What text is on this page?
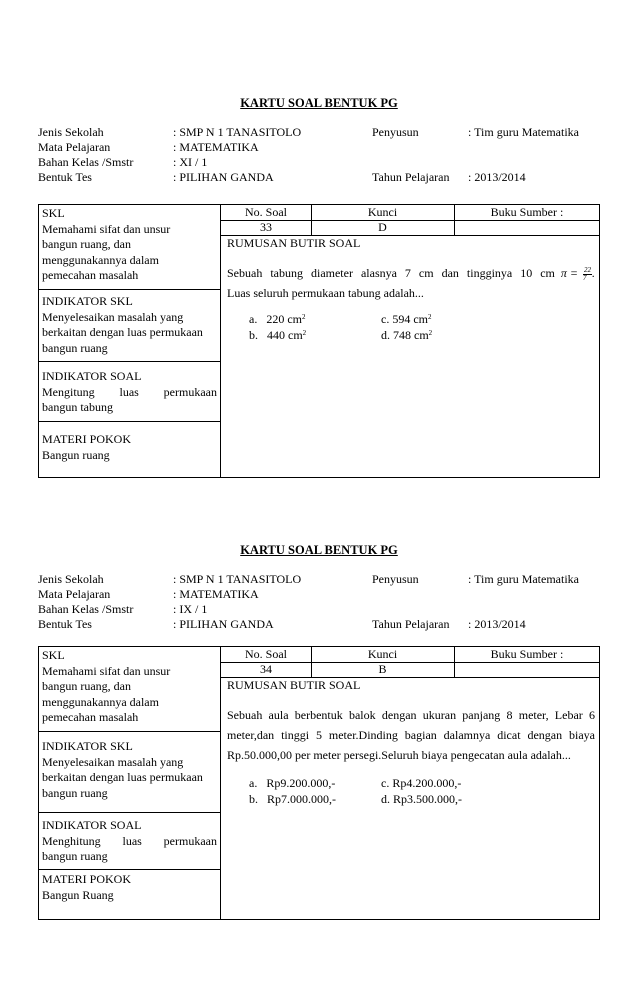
KARTU SOAL BENTUK PG
Jenis Sekolah	: SMP N 1 TANASITOLO	Penyusun	: Tim guru Matematika
Mata Pelajaran	: MATEMATIKA
Bahan Kelas /Smstr	: XI / 1
Bentuk Tes	: PILIHAN GANDA	Tahun Pelajaran : 2013/2014
SKL
Memahami sifat dan unsur
bangun ruang, dan
menggunakannya dalam
pemecahan masalah
INDIKATOR SKL
Menyelesaikan masalah yang
berkaitan dengan luas permukaan
bangun ruang
INDIKATOR SOAL
Mengitung luas permukaan
bangun tabung
MATERI POKOK
Bangun ruang
No. Soal	Kunci	Buku Sumber :
33	D
RUMUSAN BUTIR SOAL
Sebuah tabung diameter alasnya 7 cm dan tingginya 10 cm $\pi = \frac{22}{7}$ .
Luas seluruh permukaan tabung adalah...
a. 220 $cm^2$
b. 440 $cm^2$
c. 594 $cm^2$
d. 748 $cm^2$
KARTU SOAL BENTUK PG
Jenis Sekolah	: SMP N 1 TANASITOLO	Penyusun	: Tim guru Matematika
Mata Pelajaran	: MATEMATIKA
Bahan Kelas /Smstr	: IX / 1
Bentuk Tes	: PILIHAN GANDA	Tahun Pelajaran : 2013/2014
SKL
Memahami sifat dan unsur
bangun ruang, dan
menggunakannya dalam
pemecahan masalah
INDIKATOR SKL
Menyelesaikan masalah yang
berkaitan dengan luas permukaan
bangun ruang
INDIKATOR SOAL
Menghitung luas permukaan
bangun ruang
MATERI POKOK
Bangun Ruang
No. Soal	Kunci	Buku Sumber :
34	B
RUMUSAN BUTIR SOAL
Sebuah aula berbentuk balok dengan ukuran panjang 8 meter, Lebar 6 meter,dan tinggi 5 meter.Dinding bagian dalamnya dicat dengan biaya Rp.50.000,00 per meter persegi.Seluruh biaya pengecatan aula adalah...
a. Rp9.200.000,-
b. Rp7.000.000,-
c. Rp4.200.000,-
d. Rp3.500.000,-
